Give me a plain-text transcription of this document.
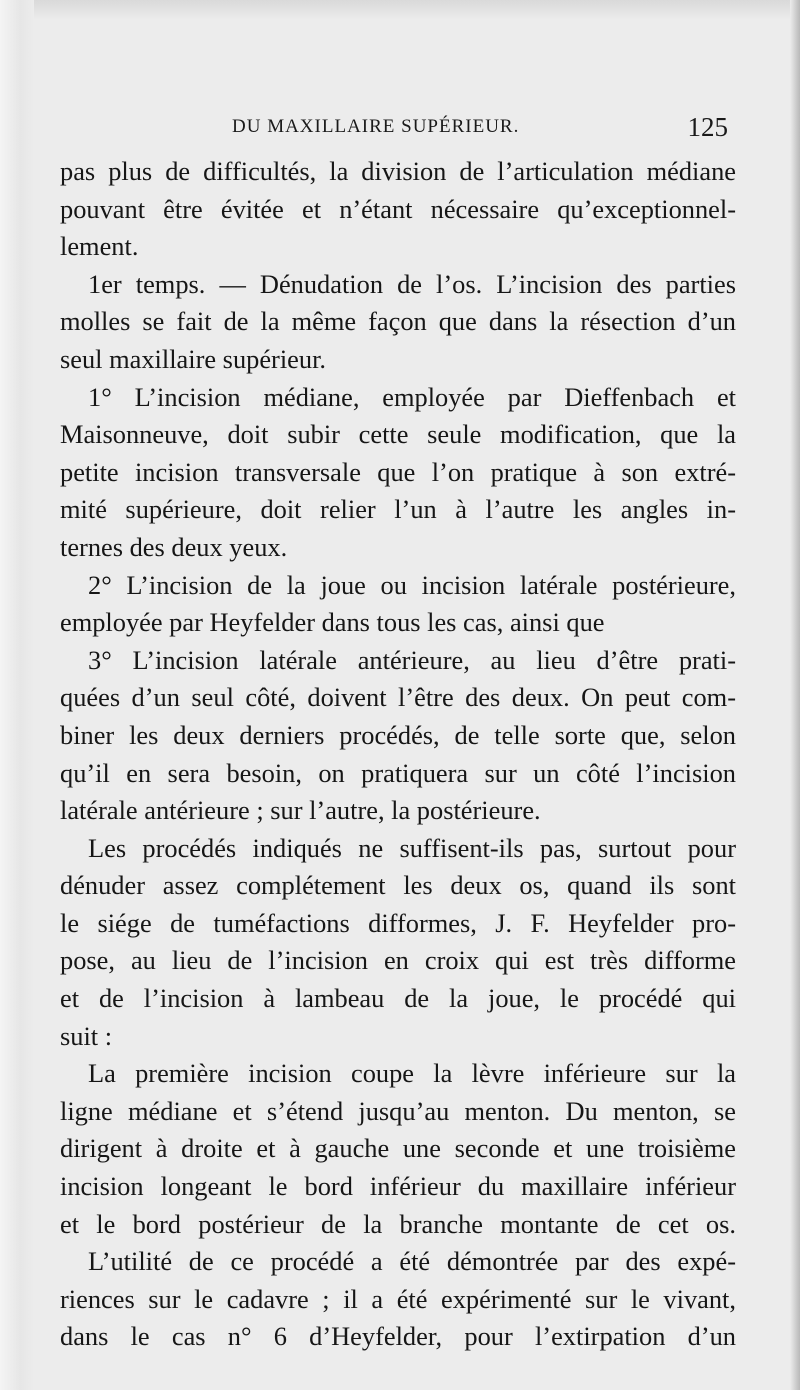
DU MAXILLAIRE SUPÉRIEUR.	125
pas plus de difficultés, la division de l’articulation médiane
pouvant être évitée et n’étant nécessaire qu’exceptionnel-
lement.
1er temps. — Dénudation de l’os. L’incision des parties
molles se fait de la même façon que dans la résection d’un
seul maxillaire supérieur.
1° L’incision médiane, employée par Dieffenbach et
Maisonneuve, doit subir cette seule modification, que la
petite incision transversale que l’on pratique à son extré-
mité supérieure, doit relier l’un à l’autre les angles in-
ternes des deux yeux.
2° L’incision de la joue ou incision latérale postérieure,
employée par Heyfelder dans tous les cas, ainsi que
3° L’incision latérale antérieure, au lieu d’être prati-
quées d’un seul côté, doivent l’être des deux. On peut com-
biner les deux derniers procédés, de telle sorte que, selon
qu’il en sera besoin, on pratiquera sur un côté l’incision
latérale antérieure ; sur l’autre, la postérieure.
Les procédés indiqués ne suffisent-ils pas, surtout pour
dénuder assez complétement les deux os, quand ils sont
le siége de tuméfactions difformes, J. F. Heyfelder pro-
pose, au lieu de l’incision en croix qui est très difforme
et de l’incision à lambeau de la joue, le procédé qui
suit :
La première incision coupe la lèvre inférieure sur la
ligne médiane et s’étend jusqu’au menton. Du menton, se
dirigent à droite et à gauche une seconde et une troisième
incision longeant le bord inférieur du maxillaire inférieur
et le bord postérieur de la branche montante de cet os.
L’utilité de ce procédé a été démontrée par des expé-
riences sur le cadavre ; il a été expérimenté sur le vivant,
dans le cas n° 6 d’Heyfelder, pour l’extirpation d’un
